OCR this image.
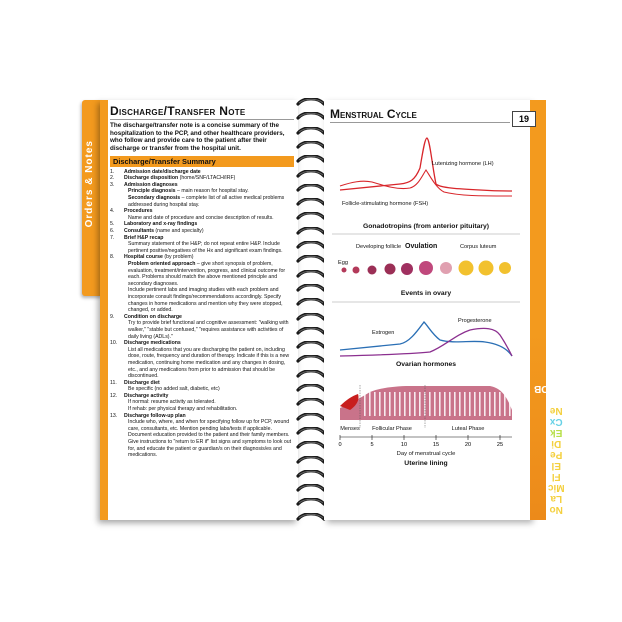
Orders & Notes
Discharge/Transfer Note
The discharge/transfer note is a concise summary of the hospitalization to the PCP, and other healthcare providers, who follow and provide care to the patient after their discharge or transfer from the hospital unit.
Discharge/Transfer Summary
1.	Admission date/discharge date
2.	Discharge disposition (home/SNF/LTACH/IRF)
3.	Admission diagnoses
Principle diagnosis – main reason for hospital stay.
Secondary diagnosis – complete list of all active medical problems addressed during hospital stay.
4.	Procedures
Name and date of procedure and concise description of results.
5.	Laboratory and x-ray findings
6.	Consultants (name and specialty)
7.	Brief H&P recap
Summary statement of the H&P; do not repeat entire H&P. Include pertinent positive/negatives of the Hx and significant exam findings.
8.	Hospital course (by problem)
Problem oriented approach – give short synopsis of problem, evaluation, treatment/intervention, progress, and clinical outcome for each. Problems should match the above mentioned principle and secondary diagnoses.
Include pertinent labs and imaging studies with each problem and incorporate consult findings/recommendations accordingly. Specify changes in home medications and mention why they were stopped, changed, or added.
9.	Condition on discharge
Try to provide brief functional and cognitive assessment: "walking with walker," "stable but confused," "requires assistance with activities of daily living (ADLs)."
10.	Discharge medications
List all medications that you are discharging the patient on, including dose, route, frequency and duration of therapy. Indicate if this is a new medication, continuing home medication and any changes in dosing, etc., and any medications from prior to admission that should be discontinued.
11.	Discharge diet
Be specific (no added salt, diabetic, etc)
12.	Discharge activity
If normal: resume activity as tolerated.
If rehab: per physical therapy and rehabilitation.
13.	Discharge follow-up plan
Include who, where, and when for specifying follow up for PCP, wound care, consultants, etc. Mention pending labs/tests if applicable. Document education provided to the patient and their family members. Give instructions to "return to ER if" list signs and symptoms to look out for, and educate the patient or guardian/s on their diagnosis/es and medications.
19
Menstrual Cycle
NoLaMicFlElPeDiEkCxNeOBCycle/OB
Lutenizing hormone (LH)
Follicle-stimulating hormone (FSH)
Gonadotropins (from anterior pituitary)
Egg
Developing follicle Ovulation	Corpus luteum
Events in ovary
Estrogen
Progesterone
Ovarian hormones
Menses Follicular Phase	Luteal Phase
0	5	10	15	20	25
Day of menstrual cycle
Uterine lining
